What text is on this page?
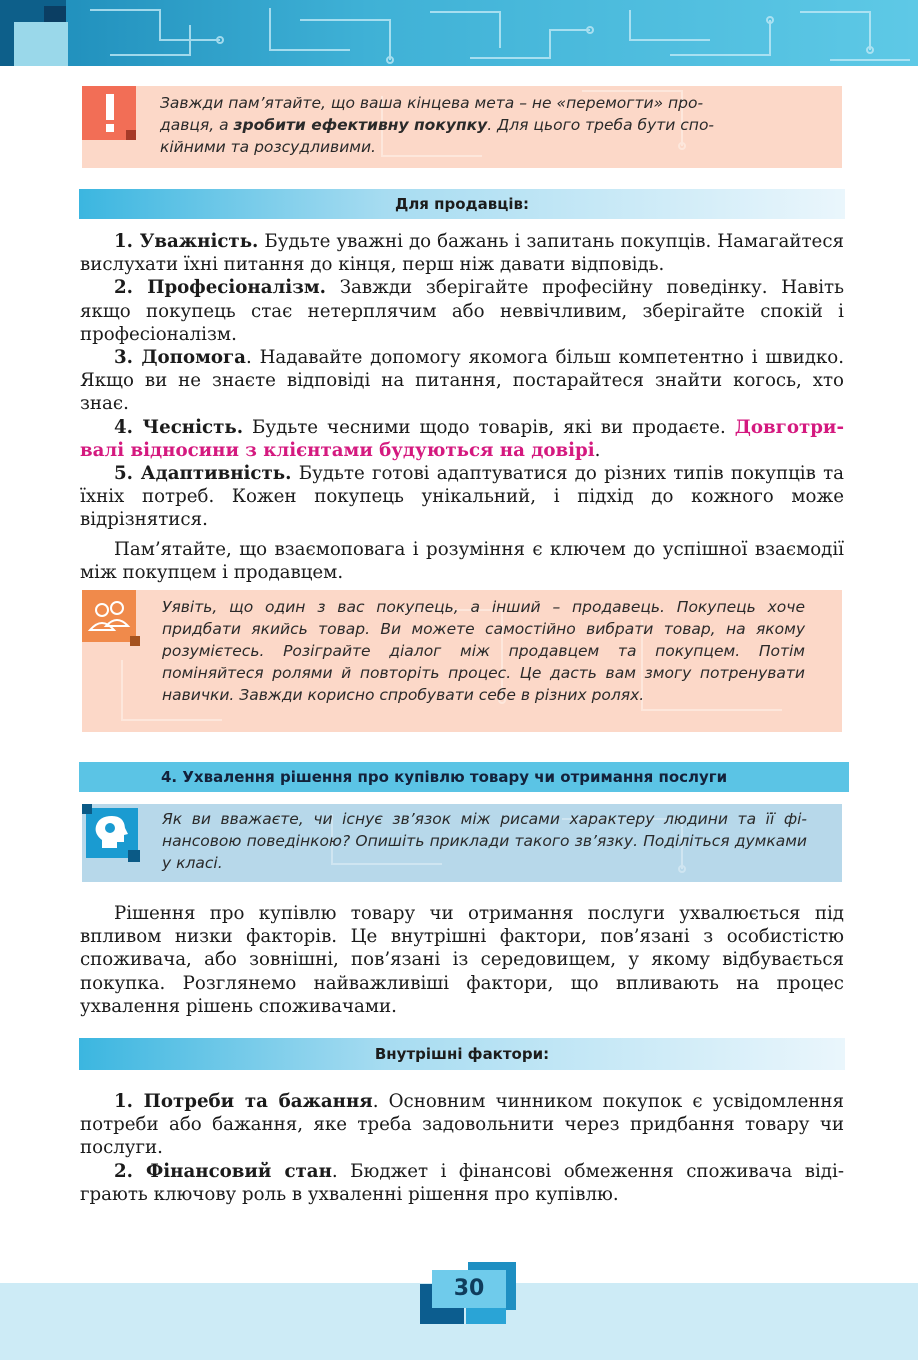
Завжди пам’ятайте, що ваша кінцева мета – не «перемогти» про-
давця, а зробити ефективну покупку. Для цього треба бути спо-
кійними та розсудливими.
Для продавців:

1. Уважність. Будьте уважні до бажань і запитань покупців. Намагайтеся вислухати їхні питання до кінця, перш ніж давати відповідь.

2. Професіоналізм. Завжди зберігайте професійну поведінку. Навіть якщо покупець стає нетерплячим або неввічливим, зберігайте спокій і професіоналізм.

3. Допомога. Надавайте допомогу якомога більш компетентно і швидко. Якщо ви не знаєте відповіді на питання, постарайтеся знайти когось, хто знає.

4. Чесність. Будьте чесними щодо товарів, які ви продаєте. Довготривалі відносини з клієнтами будуються на довірі.

5. Адаптивність. Будьте готові адаптуватися до різних типів покупців та їхніх потреб. Кожен покупець унікальний, і підхід до кожного може відрізнятися.

Пам’ятайте, що взаємоповага і розуміння є ключем до успішної взаємодії між покупцем і продавцем.

Уявіть, що один з вас покупець, а інший – продавець. Покупець хоче придбати якийсь товар. Ви можете самостійно вибрати товар, на якому розумієтесь. Розіграйте діалог між продавцем та покупцем. Потім поміняйтеся ролями й повторіть процес. Це дасть вам змогу потренувати навички. Завжди корисно спробувати себе в різних ролях.
4. Ухвалення рішення про купівлю товару чи отримання послуги
Як ви вважаєте, чи існує зв’язок між рисами характеру людини та її фінансовою поведінкою? Опишіть приклади такого зв’язку. Поділіться думками у класі.

Рішення про купівлю товару чи отримання послуги ухвалюється під впливом низки факторів. Це внутрішні фактори, пов’язані з особистістю споживача, або зовнішні, пов’язані із середовищем, у якому відбувається покупка. Розглянемо найважливіші фактори, що впливають на процес ухвалення рішень споживачами.

Внутрішні фактори:

1. Потреби та бажання. Основним чинником покупок є усвідомлення потреби або бажання, яке треба задовольнити через придбання товару чи послуги.

2. Фінансовий стан. Бюджет і фінансові обмеження споживача відіграють ключову роль в ухваленні рішення про купівлю.

30
